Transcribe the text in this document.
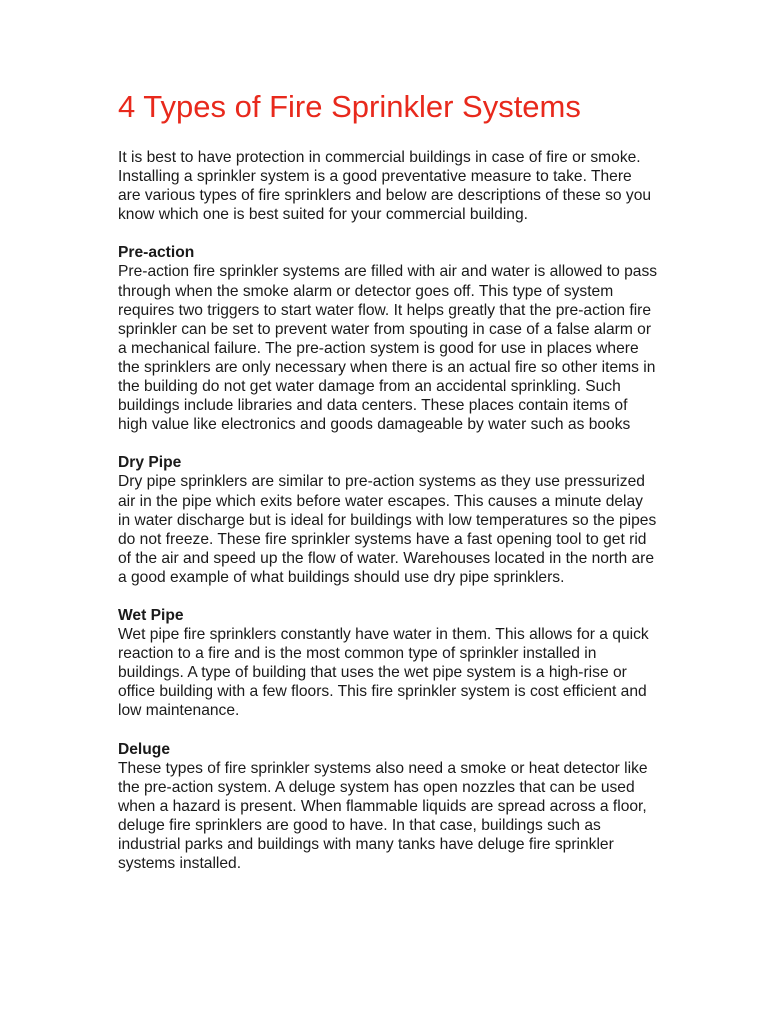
4 Types of Fire Sprinkler Systems

It is best to have protection in commercial buildings in case of fire or smoke. Installing a sprinkler system is a good preventative measure to take. There are various types of fire sprinklers and below are descriptions of these so you know which one is best suited for your commercial building.

Pre-action

Pre-action fire sprinkler systems are filled with air and water is allowed to pass through when the smoke alarm or detector goes off. This type of system requires two triggers to start water flow. It helps greatly that the pre-action fire sprinkler can be set to prevent water from spouting in case of a false alarm or a mechanical failure. The pre-action system is good for use in places where the sprinklers are only necessary when there is an actual fire so other items in the building do not get water damage from an accidental sprinkling. Such buildings include libraries and data centers. These places contain items of high value like electronics and goods damageable by water such as books

Dry Pipe

Dry pipe sprinklers are similar to pre-action systems as they use pressurized air in the pipe which exits before water escapes. This causes a minute delay in water discharge but is ideal for buildings with low temperatures so the pipes do not freeze. These fire sprinkler systems have a fast opening tool to get rid of the air and speed up the flow of water. Warehouses located in the north are a good example of what buildings should use dry pipe sprinklers.

Wet Pipe

Wet pipe fire sprinklers constantly have water in them. This allows for a quick reaction to a fire and is the most common type of sprinkler installed in buildings. A type of building that uses the wet pipe system is a high-rise or office building with a few floors. This fire sprinkler system is cost efficient and low maintenance.

Deluge

These types of fire sprinkler systems also need a smoke or heat detector like the pre-action system. A deluge system has open nozzles that can be used when a hazard is present. When flammable liquids are spread across a floor, deluge fire sprinklers are good to have. In that case, buildings such as industrial parks and buildings with many tanks have deluge fire sprinkler systems installed.
